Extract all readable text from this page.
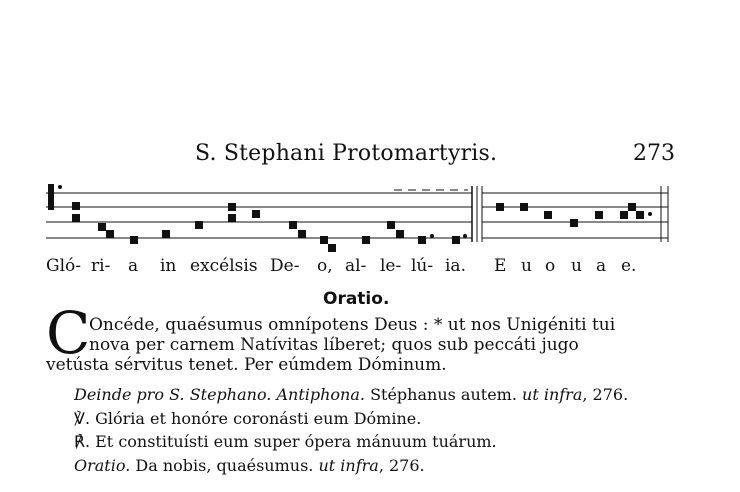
S. Stephani Protomartyris.	273
Gló- ri- a in excélsis De- o, al- le- lú- ia. E u o u a e.
Oratio.
C
Oncéde, quaésumus omnípotens Deus : * ut nos Unigéniti tui
nova per carnem Natívitas líberet; quos sub peccáti jugo
vetústa sérvitus tenet. Per eúmdem Dóminum.
Deinde pro S. Stephano. Antiphona. Stéphanus autem. ut infra, 276.
℣. Glória et honóre coronásti eum Dómine.
℟. Et constituísti eum super ópera mánuum tuárum.
Oratio. Da nobis, quaésumus. ut infra, 276.
